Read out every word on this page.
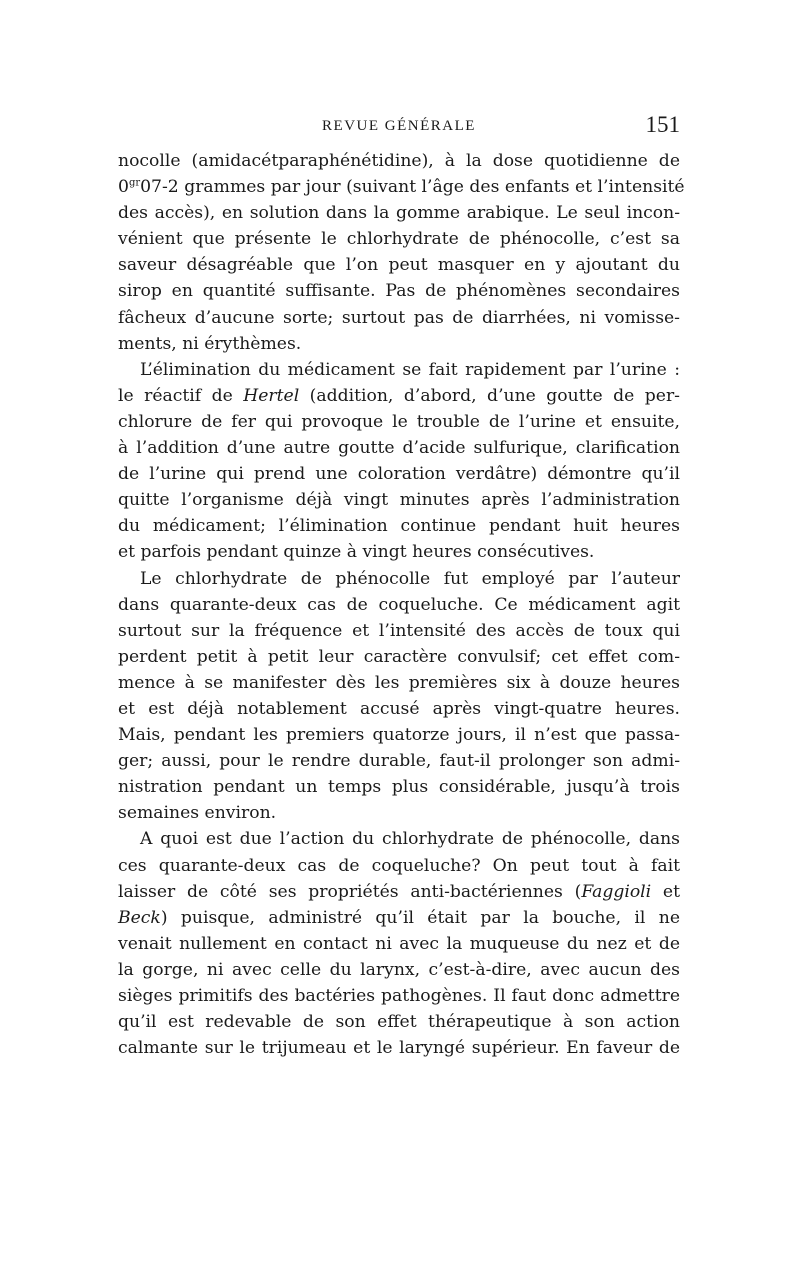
REVUE GÉNÉRALE	151
nocolle (amidacétparaphénétidine), à la dose quotidienne de
$0^{gr}07-2$ grammes par jour (suivant l’âge des enfants et l’intensité
des accès), en solution dans la gomme arabique. Le seul incon-
vénient que présente le chlorhydrate de phénocolle, c’est sa
saveur désagréable que l’on peut masquer en y ajoutant du
sirop en quantité suffisante. Pas de phénomènes secondaires
fâcheux d’aucune sorte; surtout pas de diarrhées, ni vomisse-
ments, ni érythèmes.
L’élimination du médicament se fait rapidement par l’urine :
le réactif de Hertel (addition, d’abord, d’une goutte de per-
chlorure de fer qui provoque le trouble de l’urine et ensuite,
à l’addition d’une autre goutte d’acide sulfurique, clarification
de l’urine qui prend une coloration verdâtre) démontre qu’il
quitte l’organisme déjà vingt minutes après l’administration
du médicament; l’élimination continue pendant huit heures
et parfois pendant quinze à vingt heures consécutives.
Le chlorhydrate de phénocolle fut employé par l’auteur
dans quarante-deux cas de coqueluche. Ce médicament agit
surtout sur la fréquence et l’intensité des accès de toux qui
perdent petit à petit leur caractère convulsif; cet effet com-
mence à se manifester dès les premières six à douze heures
et est déjà notablement accusé après vingt-quatre heures.
Mais, pendant les premiers quatorze jours, il n’est que passa-
ger; aussi, pour le rendre durable, faut-il prolonger son admi-
nistration pendant un temps plus considérable, jusqu’à trois
semaines environ.
A quoi est due l’action du chlorhydrate de phénocolle, dans
ces quarante-deux cas de coqueluche? On peut tout à fait
laisser de côté ses propriétés anti-bactériennes (Faggioli et
Beck) puisque, administré qu’il était par la bouche, il ne
venait nullement en contact ni avec la muqueuse du nez et de
la gorge, ni avec celle du larynx, c’est-à-dire, avec aucun des
sièges primitifs des bactéries pathogènes. Il faut donc admettre
qu’il est redevable de son effet thérapeutique à son action
calmante sur le trijumeau et le laryngé supérieur. En faveur de
